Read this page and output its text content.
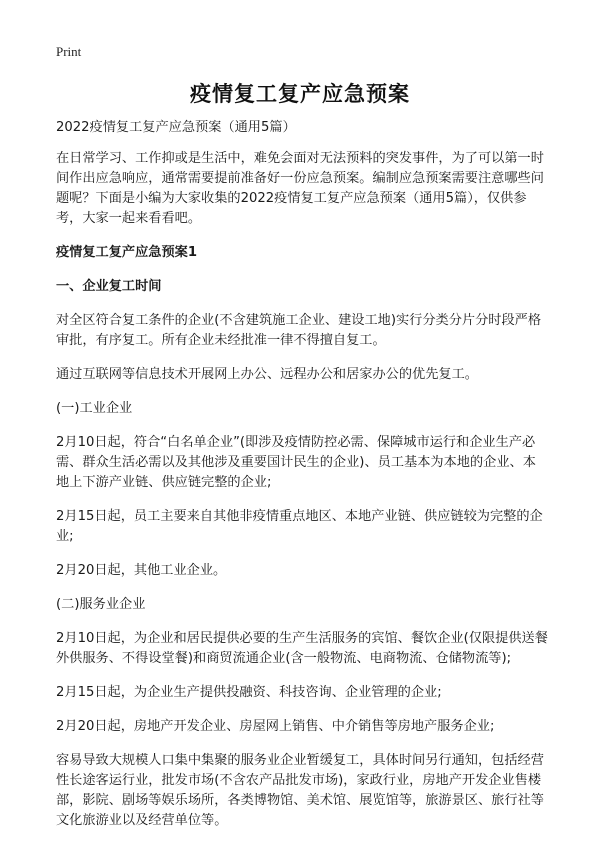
Print
疫情复工复产应急预案

2022疫情复工复产应急预案（通用5篇）

在日常学习、工作抑或是生活中，难免会面对无法预料的突发事件，为了可以第一时间作出应急响应，通常需要提前准备好一份应急预案。编制应急预案需要注意哪些问题呢？下面是小编为大家收集的2022疫情复工复产应急预案（通用5篇），仅供参考，大家一起来看看吧。

疫情复工复产应急预案1

一、企业复工时间

对全区符合复工条件的企业(不含建筑施工企业、建设工地)实行分类分片分时段严格审批，有序复工。所有企业未经批准一律不得擅自复工。

通过互联网等信息技术开展网上办公、远程办公和居家办公的优先复工。

(一)工业企业

2月10日起，符合“白名单企业”(即涉及疫情防控必需、保障城市运行和企业生产必需、群众生活必需以及其他涉及重要国计民生的企业)、员工基本为本地的企业、本地上下游产业链、供应链完整的企业;

2月15日起，员工主要来自其他非疫情重点地区、本地产业链、供应链较为完整的企业;

2月20日起，其他工业企业。

(二)服务业企业

2月10日起，为企业和居民提供必要的生产生活服务的宾馆、餐饮企业(仅限提供送餐外供服务、不得设堂餐)和商贸流通企业(含一般物流、电商物流、仓储物流等);

2月15日起，为企业生产提供投融资、科技咨询、企业管理的企业;

2月20日起，房地产开发企业、房屋网上销售、中介销售等房地产服务企业;

容易导致大规模人口集中集聚的服务业企业暂缓复工，具体时间另行通知，包括经营性长途客运行业，批发市场(不含农产品批发市场)，家政行业，房地产开发企业售楼部，影院、剧场等娱乐场所，各类博物馆、美术馆、展览馆等，旅游景区、旅行社等文化旅游业以及经营单位等。
